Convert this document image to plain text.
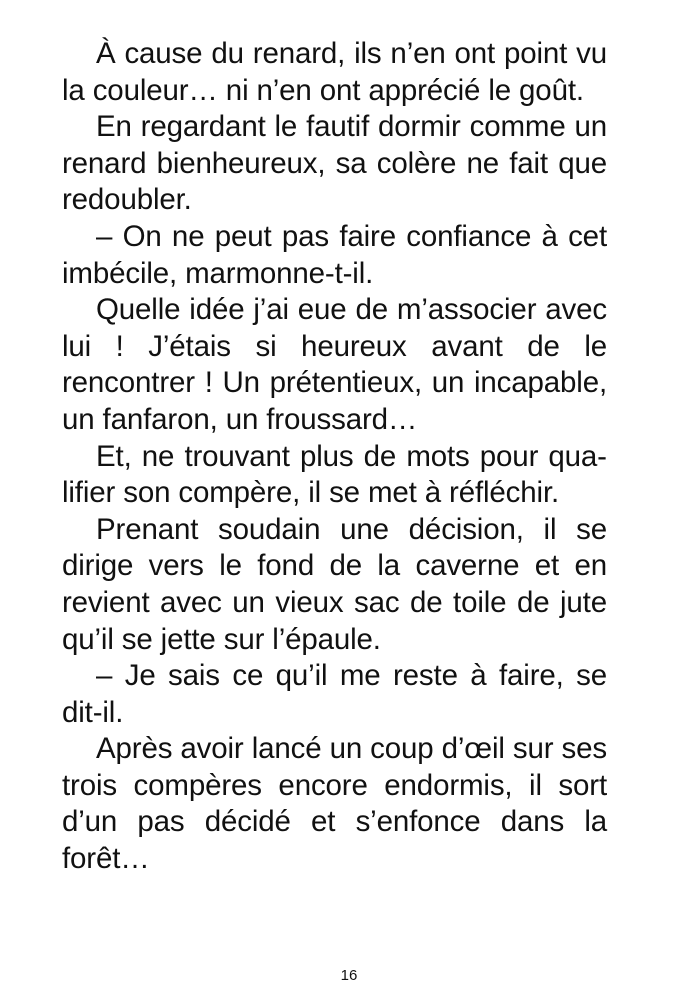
À cause du renard, ils n’en ont point vu la couleur… ni n’en ont apprécié le goût.

En regardant le fautif dormir comme un renard bienheureux, sa colère ne fait que redoubler.

– On ne peut pas faire confiance à cet imbécile, marmonne-t-il.

Quelle idée j’ai eue de m’associer avec lui ! J’étais si heureux avant de le rencontrer ! Un prétentieux, un incapable, un fanfaron, un froussard…

Et, ne trouvant plus de mots pour qualifier son compère, il se met à réfléchir.

Prenant soudain une décision, il se dirige vers le fond de la caverne et en revient avec un vieux sac de toile de jute qu’il se jette sur l’épaule.

– Je sais ce qu’il me reste à faire, se dit-il.

Après avoir lancé un coup d’œil sur ses trois compères encore endormis, il sort d’un pas décidé et s’enfonce dans la forêt…

16
